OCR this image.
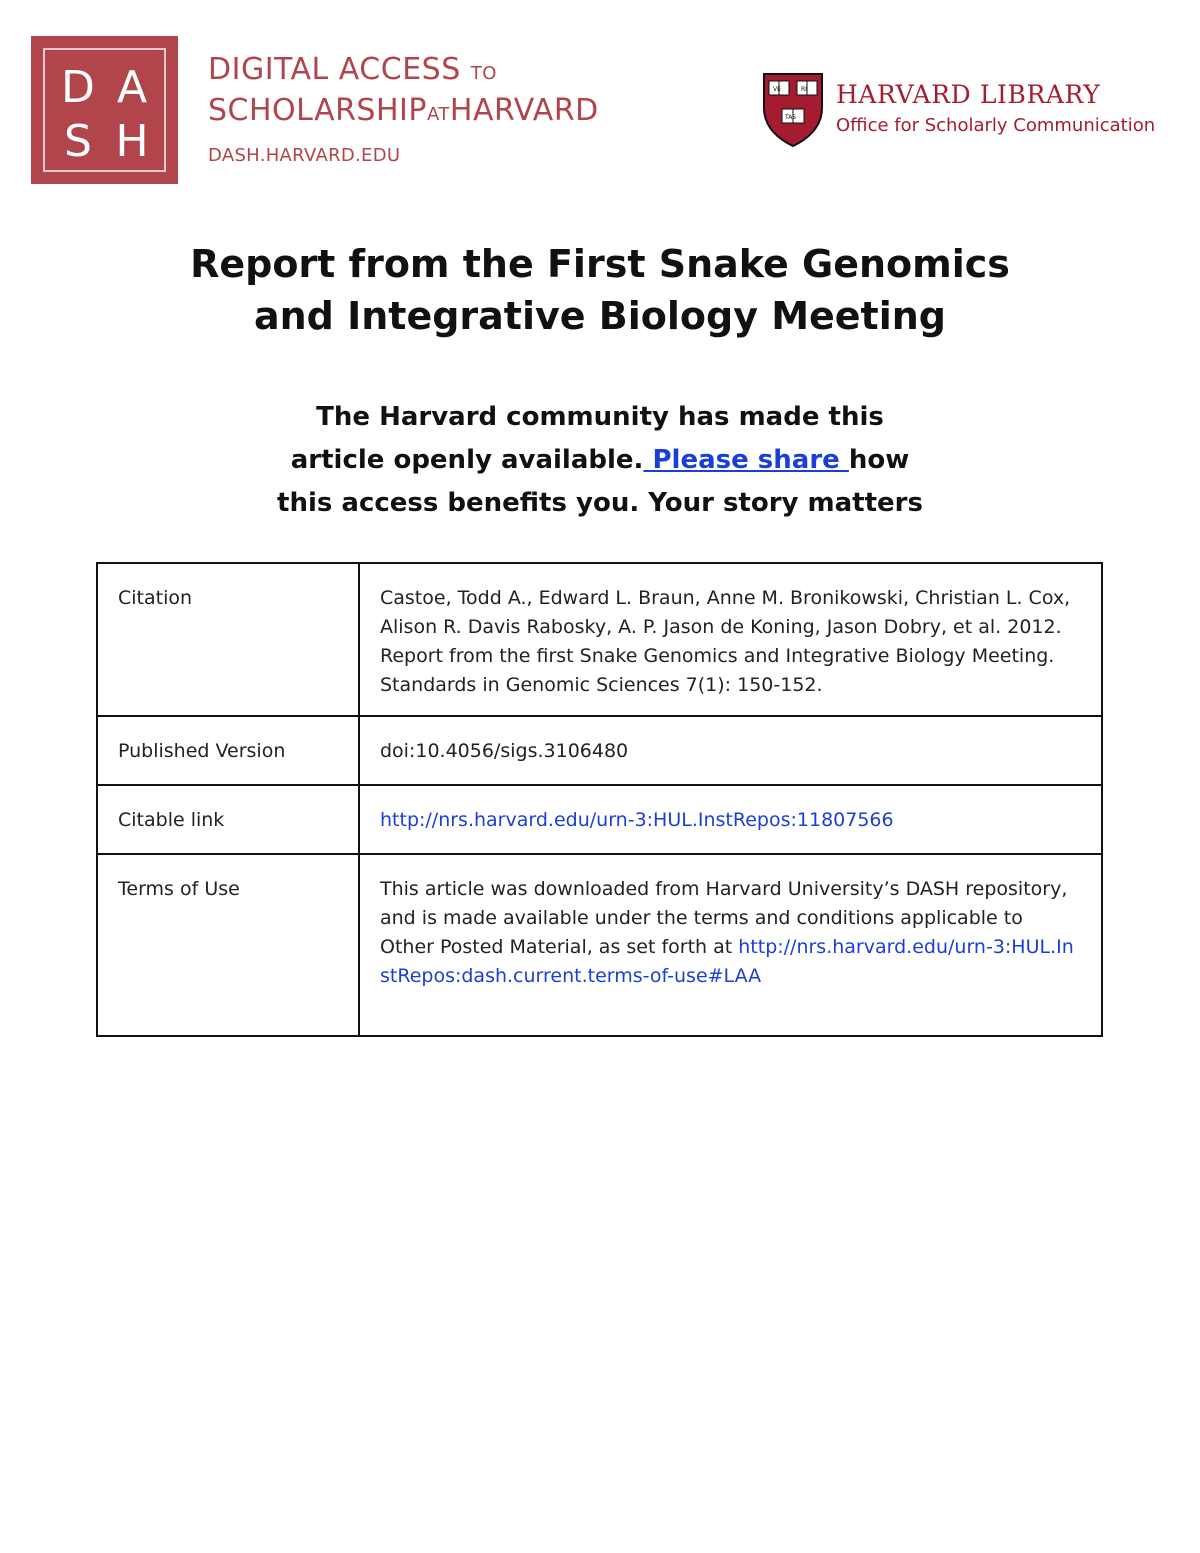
D A
S H
DIGITAL ACCESS TO
SCHOLARSHIPATHARVARD
DASH.HARVARD.EDU
VE	RI
TAS
HARVARD LIBRARY
Office for Scholarly Communication
Report from the First Snake Genomics
and Integrative Biology Meeting
The Harvard community has made this
article openly available. Please share how
this access benefits you. Your story matters
Citation	Castoe, Todd A., Edward L. Braun, Anne M. Bronikowski, Christian L. Cox, Alison R. Davis Rabosky, A. P. Jason de Koning, Jason Dobry, et al. 2012. Report from the first Snake Genomics and Integrative Biology Meeting. Standards in Genomic Sciences 7(1): 150-152.
Published Version	doi:10.4056/sigs.3106480
Citable link	http://nrs.harvard.edu/urn-3:HUL.InstRepos:11807566
Terms of Use	This article was downloaded from Harvard University’s DASH repository, and is made available under the terms and conditions applicable to Other Posted Material, as set forth at http://nrs.harvard.edu/urn-3:HUL.InstRepos:dash.current.terms-of-use#LAA
